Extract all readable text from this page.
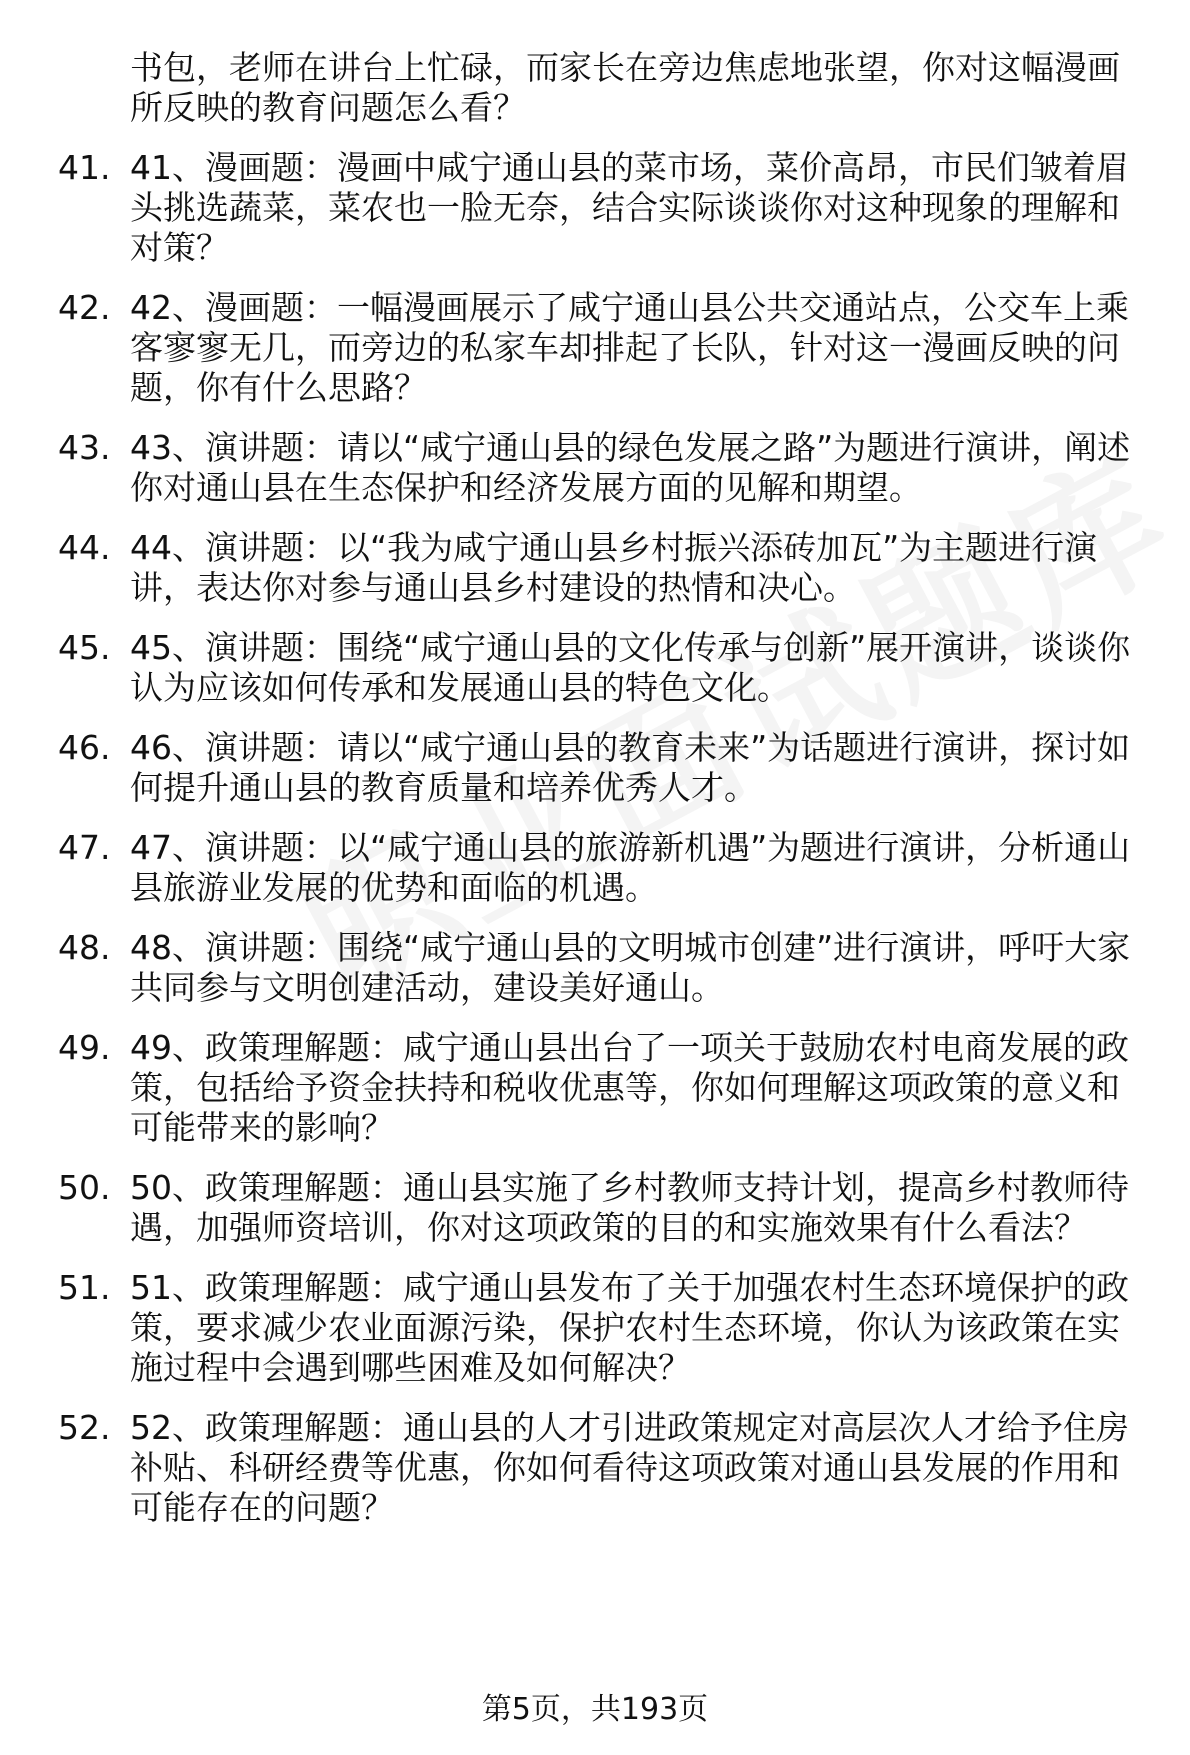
书包，老师在讲台上忙碌，而家长在旁边焦虑地张望，你对这幅漫画所反映的教育问题怎么看？

41. 41、漫画题：漫画中咸宁通山县的菜市场，菜价高昂，市民们皱着眉头挑选蔬菜，菜农也一脸无奈，结合实际谈谈你对这种现象的理解和对策？
42. 42、漫画题：一幅漫画展示了咸宁通山县公共交通站点，公交车上乘客寥寥无几，而旁边的私家车却排起了长队，针对这一漫画反映的问题，你有什么思路？
43. 43、演讲题：请以“咸宁通山县的绿色发展之路”为题进行演讲，阐述你对通山县在生态保护和经济发展方面的见解和期望。
44. 44、演讲题：以“我为咸宁通山县乡村振兴添砖加瓦”为主题进行演讲，表达你对参与通山县乡村建设的热情和决心。
45. 45、演讲题：围绕“咸宁通山县的文化传承与创新”展开演讲，谈谈你认为应该如何传承和发展通山县的特色文化。
46. 46、演讲题：请以“咸宁通山县的教育未来”为话题进行演讲，探讨如何提升通山县的教育质量和培养优秀人才。
47. 47、演讲题：以“咸宁通山县的旅游新机遇”为题进行演讲，分析通山县旅游业发展的优势和面临的机遇。
48. 48、演讲题：围绕“咸宁通山县的文明城市创建”进行演讲，呼吁大家共同参与文明创建活动，建设美好通山。
49. 49、政策理解题：咸宁通山县出台了一项关于鼓励农村电商发展的政策，包括给予资金扶持和税收优惠等，你如何理解这项政策的意义和可能带来的影响？
50. 50、政策理解题：通山县实施了乡村教师支持计划，提高乡村教师待遇，加强师资培训，你对这项政策的目的和实施效果有什么看法？
51. 51、政策理解题：咸宁通山县发布了关于加强农村生态环境保护的政策，要求减少农业面源污染，保护农村生态环境，你认为该政策在实施过程中会遇到哪些困难及如何解决？
52. 52、政策理解题：通山县的人才引进政策规定对高层次人才给予住房补贴、科研经费等优惠，你如何看待这项政策对通山县发展的作用和可能存在的问题？
第5页，共193页
